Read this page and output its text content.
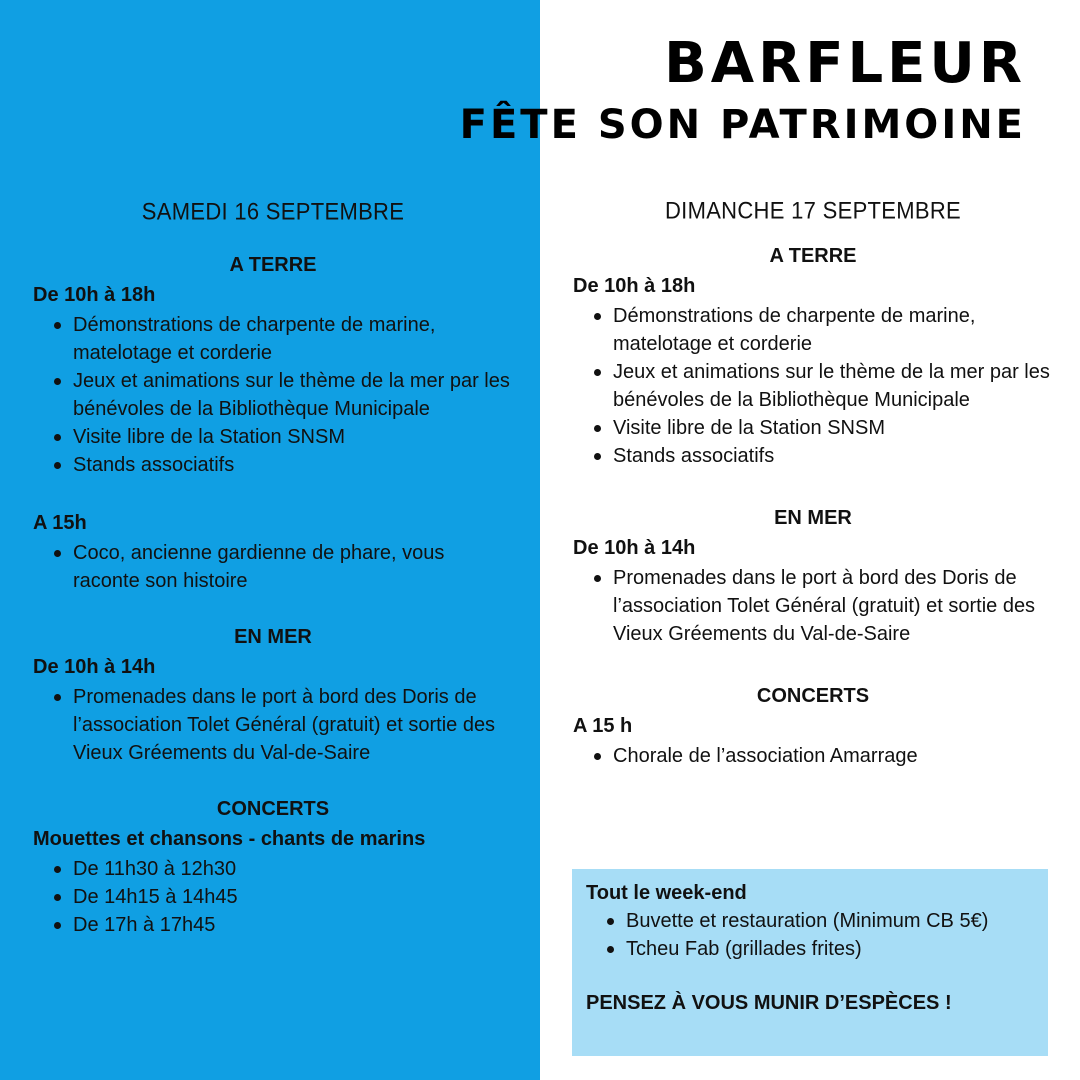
BARFLEUR
FÊTE SON PATRIMOINE
SAMEDI 16 SEPTEMBRE
A TERRE
De 10h à 18h
Démonstrations de charpente de marine, matelotage et corderie
Jeux et animations sur le thème de la mer par les bénévoles de la Bibliothèque Municipale
Visite libre de la Station SNSM
Stands associatifs
A 15h
Coco, ancienne gardienne de phare, vous raconte son histoire
EN MER
De 10h à 14h
Promenades dans le port à bord des Doris de l’association Tolet Général (gratuit) et sortie des Vieux Gréements du Val-de-Saire
CONCERTS
Mouettes et chansons - chants de marins
De 11h30 à 12h30
De 14h15 à 14h45
De 17h à 17h45
DIMANCHE 17 SEPTEMBRE
A TERRE
De 10h à 18h
Démonstrations de charpente de marine, matelotage et corderie
Jeux et animations sur le thème de la mer par les bénévoles de la Bibliothèque Municipale
Visite libre de la Station SNSM
Stands associatifs
EN MER
De 10h à 14h
Promenades dans le port à bord des Doris de l’association Tolet Général (gratuit) et sortie des Vieux Gréements du Val-de-Saire
CONCERTS
A 15 h
Chorale de l’association Amarrage
Tout le week-end
Buvette et restauration (Minimum CB 5€)
Tcheu Fab (grillades frites)
PENSEZ À VOUS MUNIR D’ESPÈCES !
